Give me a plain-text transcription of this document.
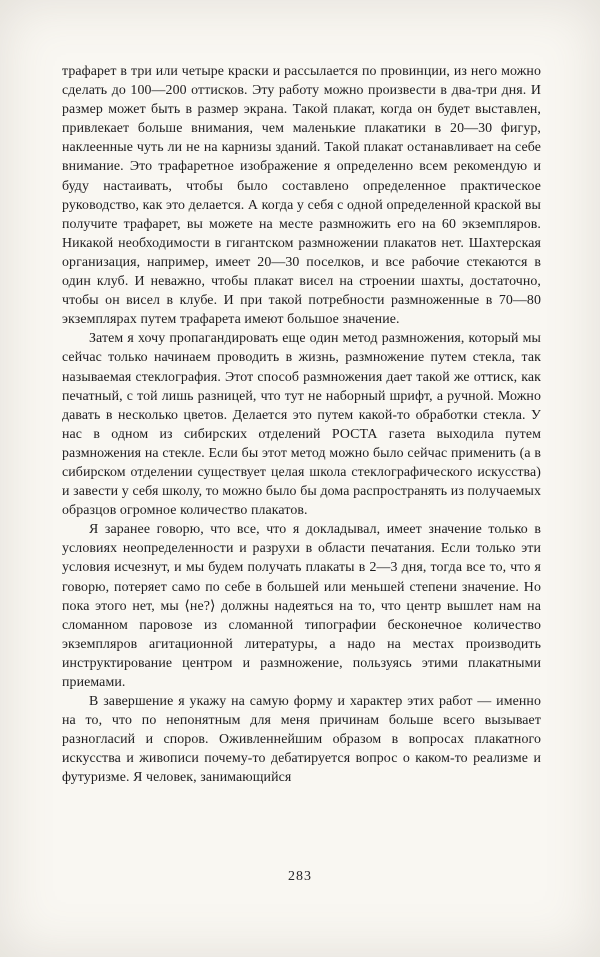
трафарет в три или четыре краски и рассылается по провинции, из него можно сделать до 100—200 оттисков. Эту работу можно произвести в два-три дня. И размер может быть в размер экрана. Такой плакат, когда он будет выставлен, привлекает больше внимания, чем маленькие плакатики в 20—30 фигур, наклеенные чуть ли не на карнизы зданий. Такой плакат останавливает на себе внимание. Это трафаретное изображение я определенно всем рекомендую и буду настаивать, чтобы было составлено определенное практическое руководство, как это делается. А когда у себя с одной определенной краской вы получите трафарет, вы можете на месте размножить его на 60 экземпляров. Никакой необходимости в гигантском размножении плакатов нет. Шахтерская организация, например, имеет 20—30 поселков, и все рабочие стекаются в один клуб. И неважно, чтобы плакат висел на строении шахты, достаточно, чтобы он висел в клубе. И при такой потребности размноженные в 70—80 экземплярах путем трафарета имеют большое значение.

Затем я хочу пропагандировать еще один метод размножения, который мы сейчас только начинаем проводить в жизнь, размножение путем стекла, так называемая стеклография. Этот способ размножения дает такой же оттиск, как печатный, с той лишь разницей, что тут не наборный шрифт, а ручной. Можно давать в несколько цветов. Делается это путем какой-то обработки стекла. У нас в одном из сибирских отделений РОСТА газета выходила путем размножения на стекле. Если бы этот метод можно было сейчас применить (а в сибирском отделении существует целая школа стеклографического искусства) и завести у себя школу, то можно было бы дома распространять из получаемых образцов огромное количество плакатов.

Я заранее говорю, что все, что я докладывал, имеет значение только в условиях неопределенности и разрухи в области печатания. Если только эти условия исчезнут, и мы будем получать плакаты в 2—3 дня, тогда все то, что я говорю, потеряет само по себе в большей или меньшей степени значение. Но пока этого нет, мы ⟨не?⟩ должны надеяться на то, что центр вышлет нам на сломанном паровозе из сломанной типографии бесконечное количество экземпляров агитационной литературы, а надо на местах производить инструктирование центром и размножение, пользуясь этими плакатными приемами.

В завершение я укажу на самую форму и характер этих работ — именно на то, что по непонятным для меня причинам больше всего вызывает разногласий и споров. Оживленнейшим образом в вопросах плакатного искусства и живописи почему-то дебатируется вопрос о каком-то реализме и футуризме. Я человек, занимающийся

283
